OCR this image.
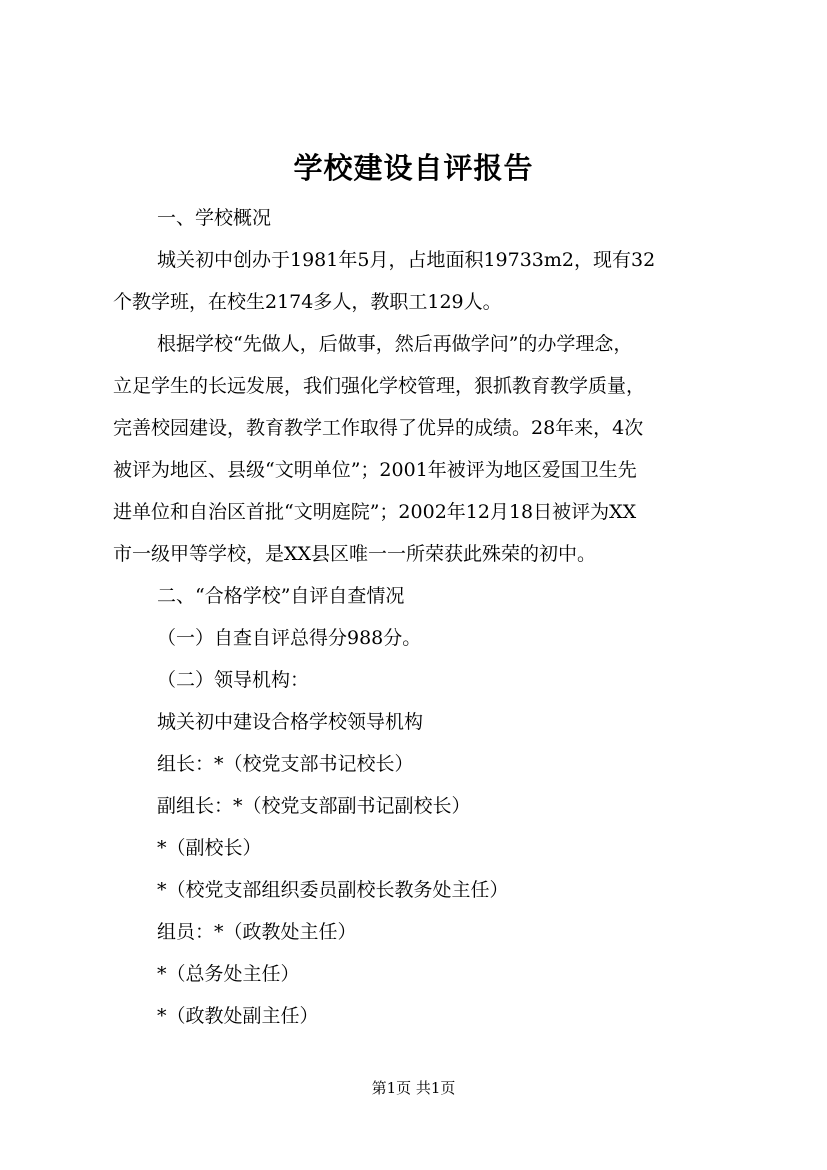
学校建设自评报告

一、学校概况

城关初中创办于1981年5月，占地面积19733m2，现有32

个教学班，在校生2174多人，教职工129人。

根据学校“先做人，后做事，然后再做学问”的办学理念，

立足学生的长远发展，我们强化学校管理，狠抓教育教学质量，

完善校园建设，教育教学工作取得了优异的成绩。28年来，4次

被评为地区、县级“文明单位”；2001年被评为地区爱国卫生先

进单位和自治区首批“文明庭院”；2002年12月18日被评为XX

市一级甲等学校，是XX县区唯一一所荣获此殊荣的初中。

二、“合格学校”自评自查情况

（一）自查自评总得分988分。

（二）领导机构：

城关初中建设合格学校领导机构

组长：*（校党支部书记校长）

副组长：*（校党支部副书记副校长）

*（副校长）

*（校党支部组织委员副校长教务处主任）

组员：*（政教处主任）

*（总务处主任）

*（政教处副主任）

第1页 共1页
